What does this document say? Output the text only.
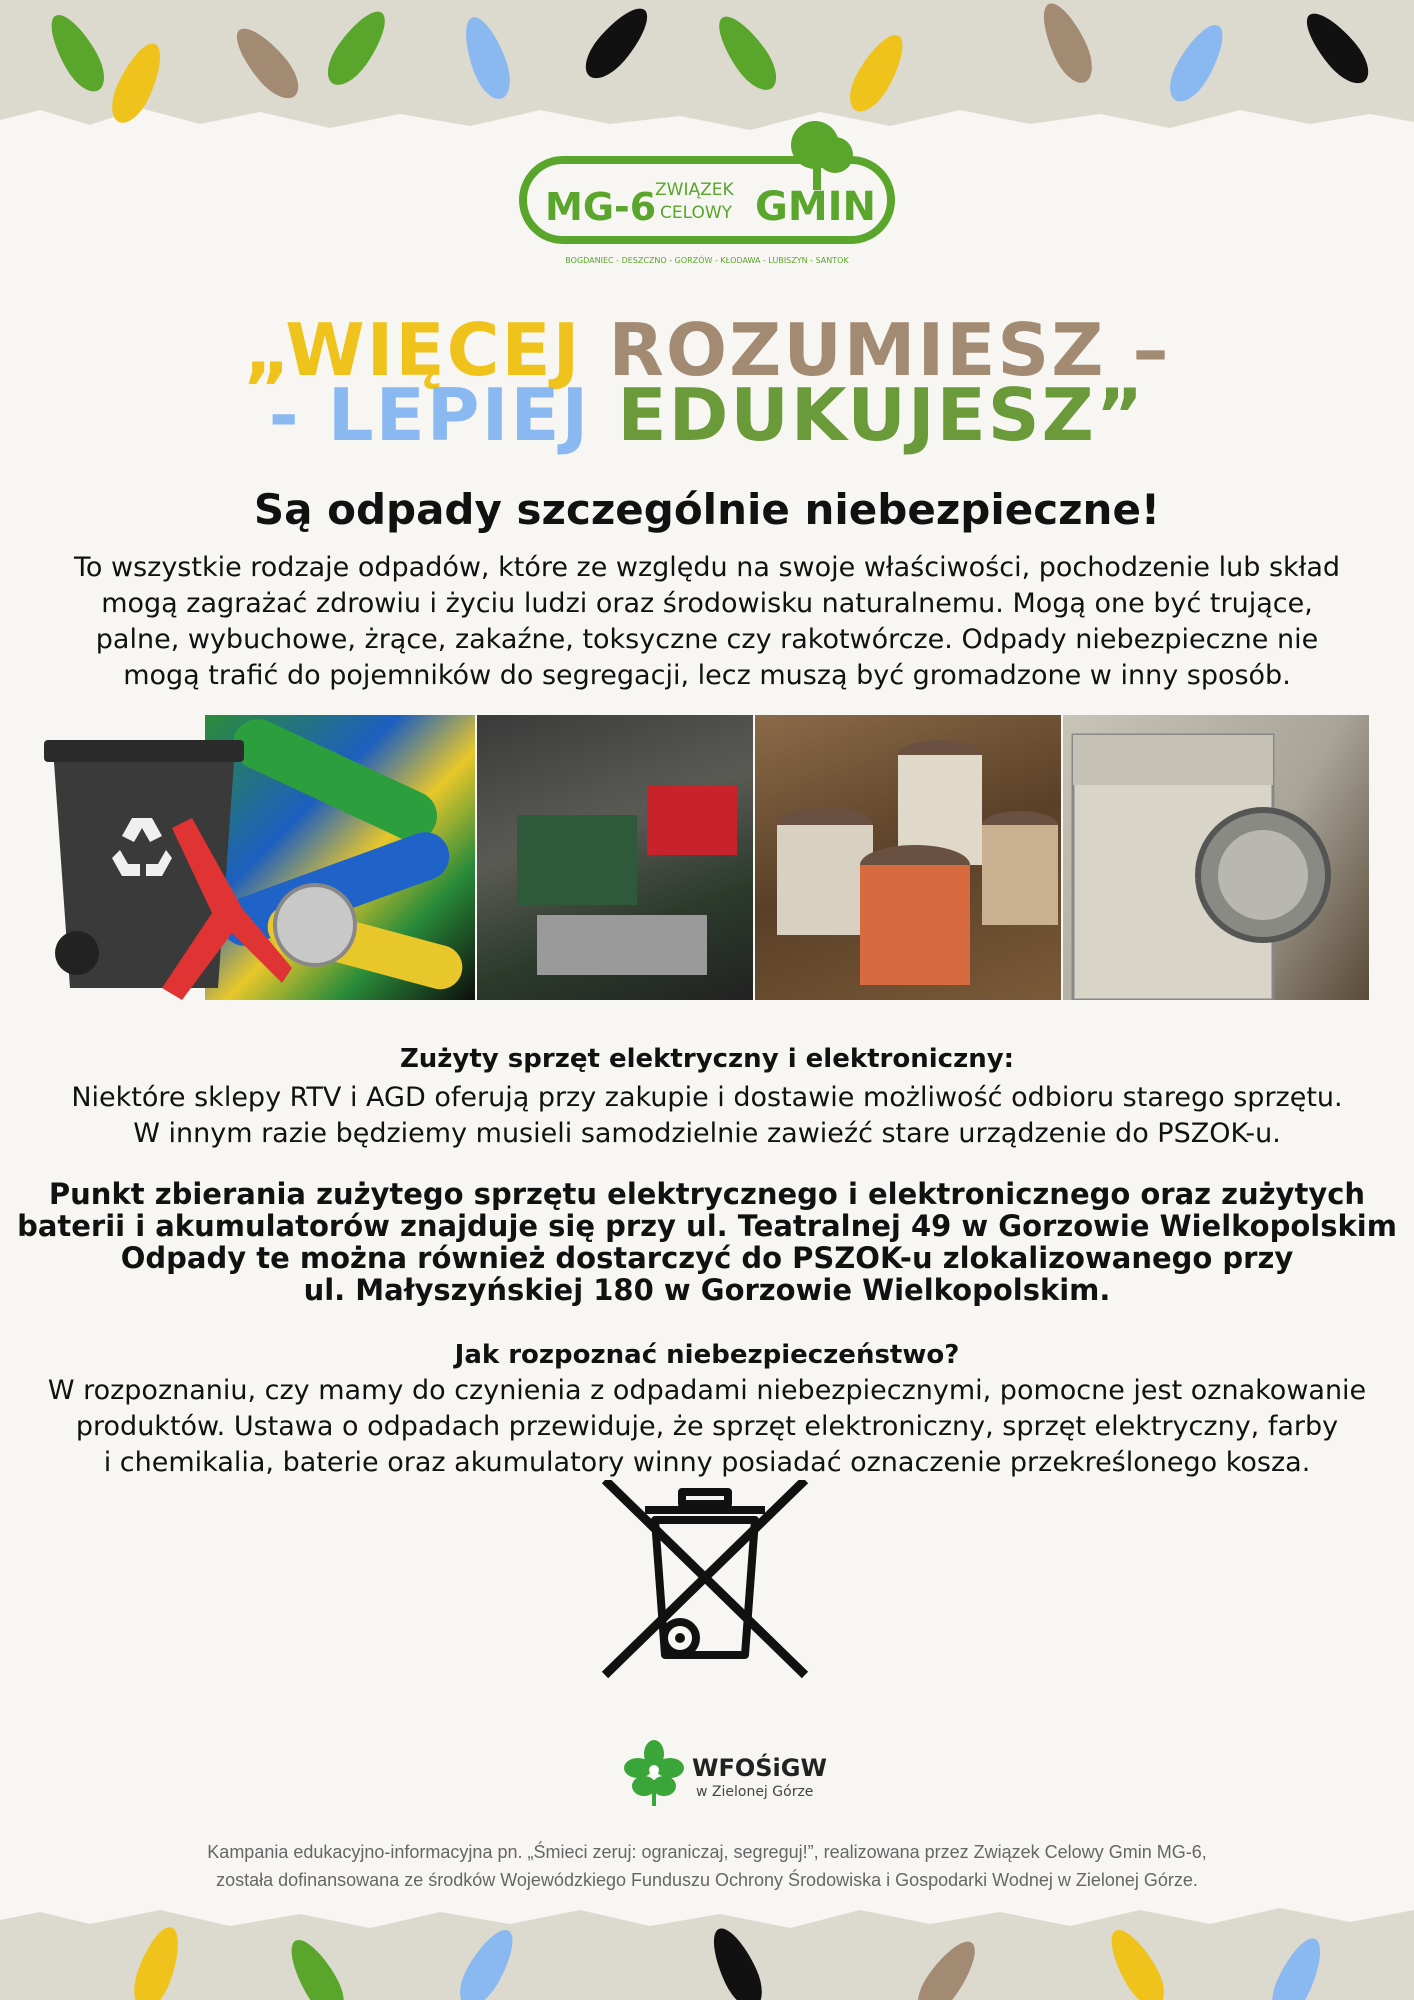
MG-6
ZWIĄZEK
CELOWY GMIN
BOGDANIEC - DESZCZNO - GORZÓW - KŁODAWA - LUBISZYN - SANTOK
„WIĘCEJ ROZUMIESZ –
- LEPIEJ EDUKUJESZ”
Są odpady szczególnie niebezpieczne!
To wszystkie rodzaje odpadów, które ze względu na swoje właściwości, pochodzenie lub skład
mogą zagrażać zdrowiu i życiu ludzi oraz środowisku naturalnemu. Mogą one być trujące,
palne, wybuchowe, żrące, zakaźne, toksyczne czy rakotwórcze. Odpady niebezpieczne nie
mogą trafić do pojemników do segregacji, lecz muszą być gromadzone w inny sposób.
Zużyty sprzęt elektryczny i elektroniczny:
Niektóre sklepy RTV i AGD oferują przy zakupie i dostawie możliwość odbioru starego sprzętu.
W innym razie będziemy musieli samodzielnie zawieźć stare urządzenie do PSZOK-u.
Punkt zbierania zużytego sprzętu elektrycznego i elektronicznego oraz zużytych
baterii i akumulatorów znajduje się przy ul. Teatralnej 49 w Gorzowie Wielkopolskim
Odpady te można również dostarczyć do PSZOK-u zlokalizowanego przy
ul. Małyszyńskiej 180 w Gorzowie Wielkopolskim.
Jak rozpoznać niebezpieczeństwo?
W rozpoznaniu, czy mamy do czynienia z odpadami niebezpiecznymi, pomocne jest oznakowanie
produktów. Ustawa o odpadach przewiduje, że sprzęt elektroniczny, sprzęt elektryczny, farby
i chemikalia, baterie oraz akumulatory winny posiadać oznaczenie przekreślonego kosza.
WFOŚiGW
w Zielonej Górze
Kampania edukacyjno-informacyjna pn. „Śmieci zeruj: ograniczaj, segreguj!”, realizowana przez Związek Celowy Gmin MG-6,
została dofinansowana ze środków Wojewódzkiego Funduszu Ochrony Środowiska i Gospodarki Wodnej w Zielonej Górze.
